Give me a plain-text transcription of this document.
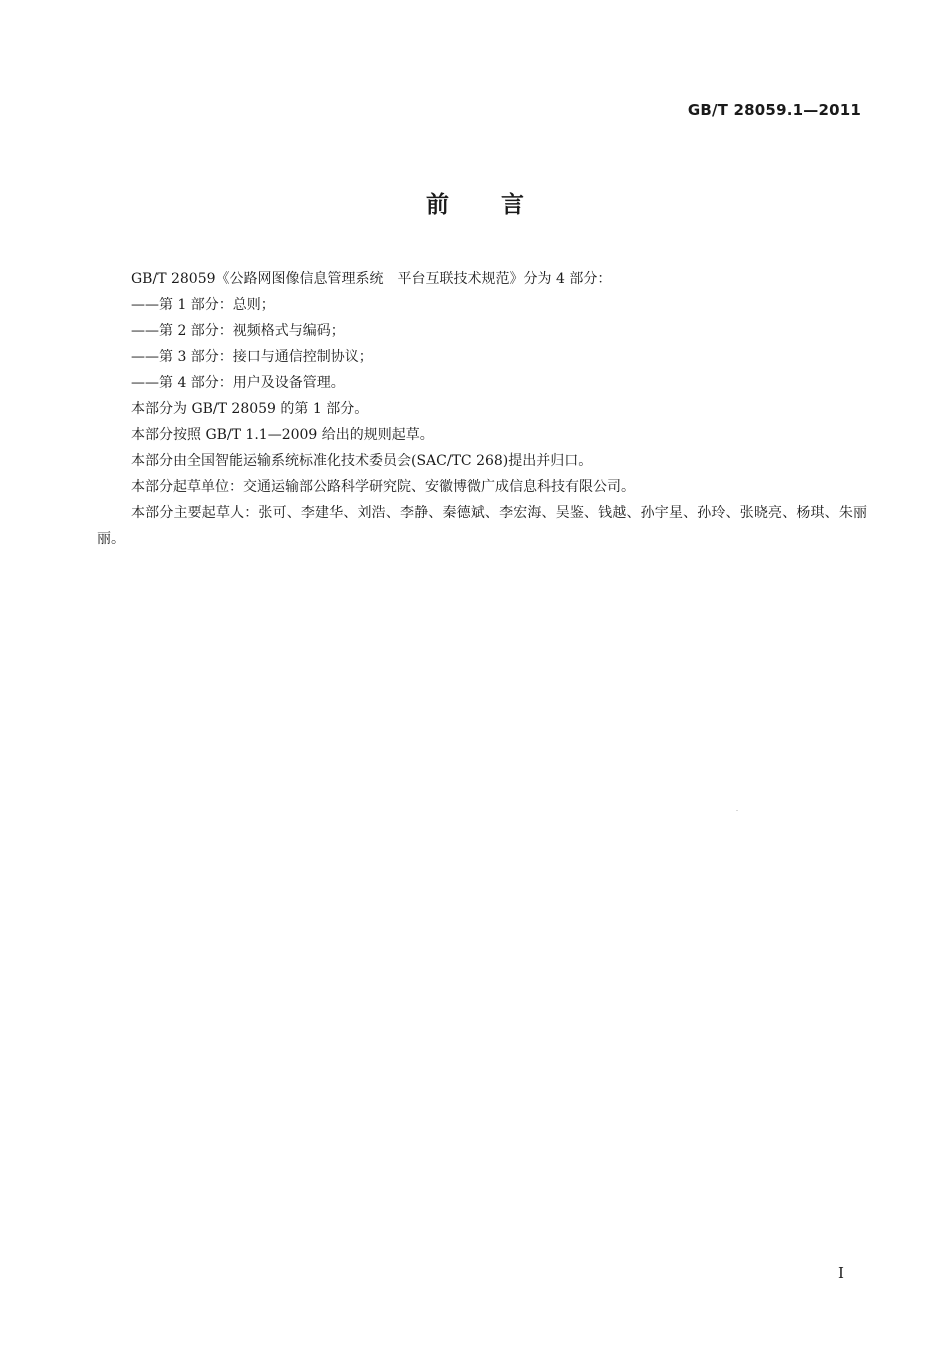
GB/T 28059.1—2011
前言

GB/T 28059《公路网图像信息管理系统　平台互联技术规范》分为 4 部分：

——第 1 部分：总则；

——第 2 部分：视频格式与编码；

——第 3 部分：接口与通信控制协议；

——第 4 部分：用户及设备管理。

本部分为 GB/T 28059 的第 1 部分。

本部分按照 GB/T 1.1—2009 给出的规则起草。

本部分由全国智能运输系统标准化技术委员会(SAC/TC 268)提出并归口。

本部分起草单位：交通运输部公路科学研究院、安徽博微广成信息科技有限公司。

本部分主要起草人：张可、李建华、刘浩、李静、秦德斌、李宏海、吴鉴、钱越、孙宇星、孙玲、张晓亮、杨琪、朱丽丽。

I
